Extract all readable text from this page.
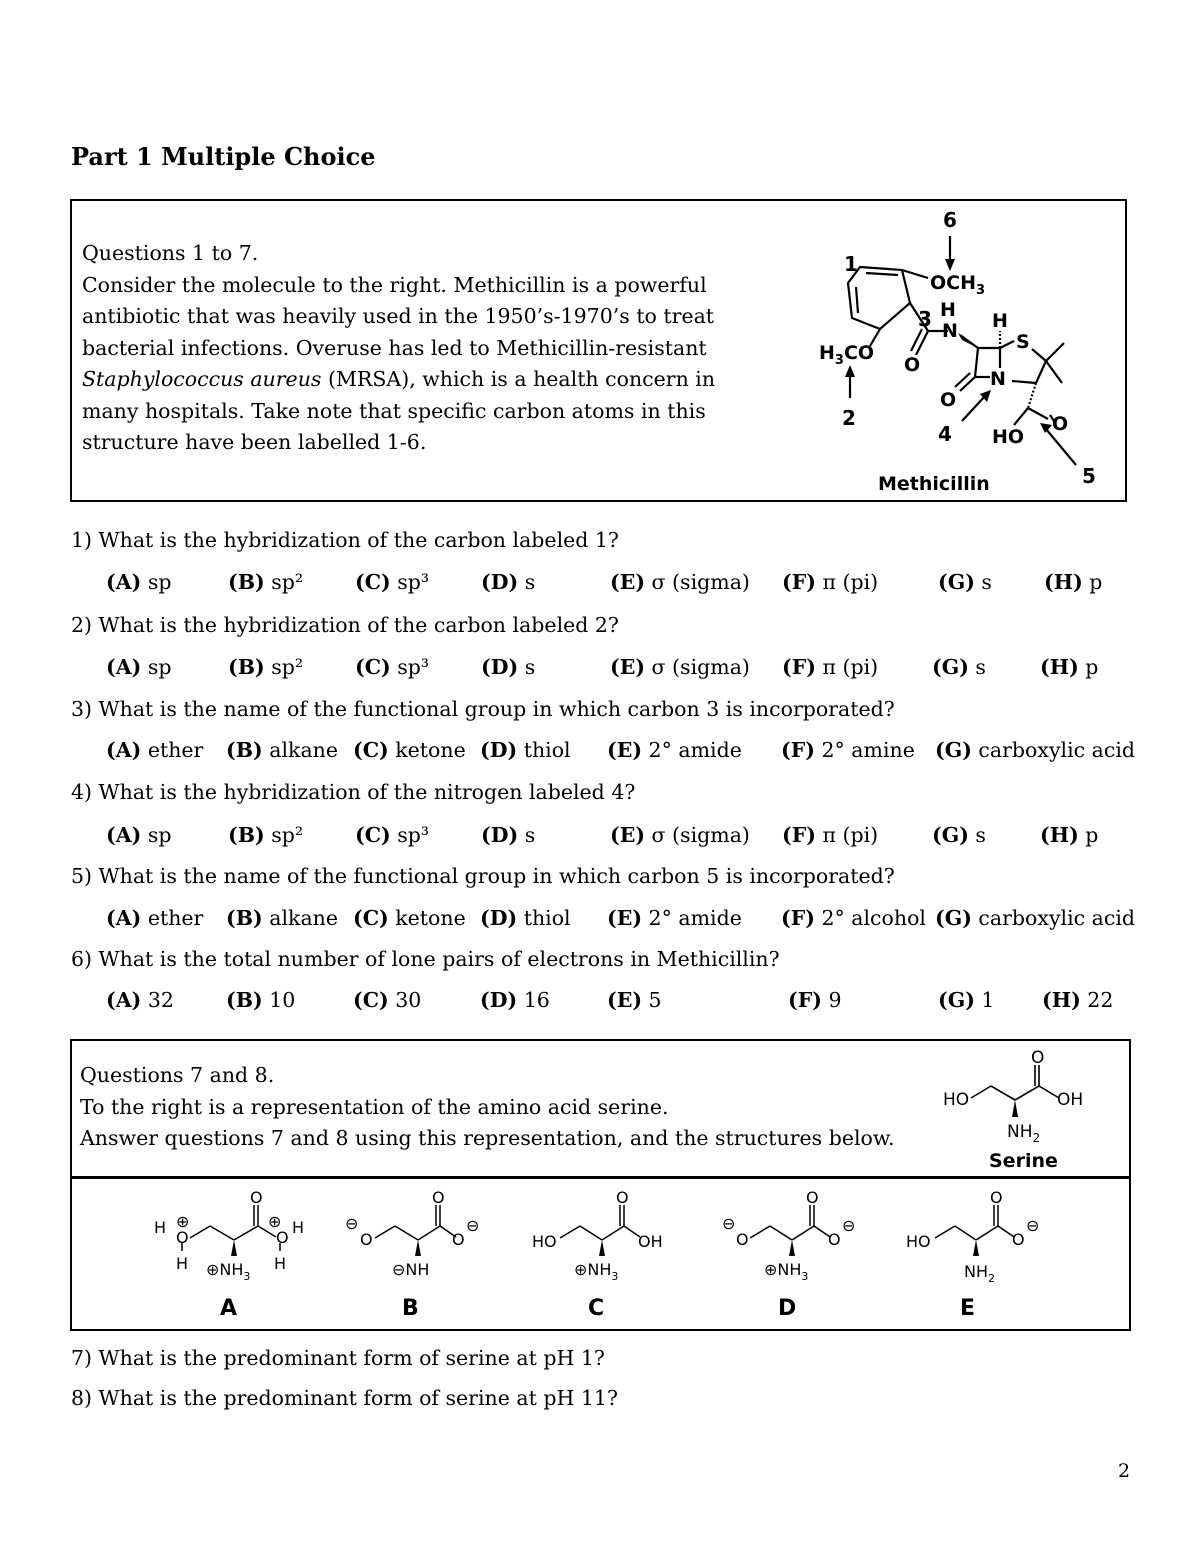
Part 1 Multiple Choice
Questions 1 to 7.
Consider the molecule to the right. Methicillin is a powerful
antibiotic that was heavily used in the 1950’s-1970’s to treat
bacterial infections. Overuse has led to Methicillin-resistant
Staphylococcus aureus (MRSA), which is a health concern in
many hospitals. Take note that specific carbon atoms in this
structure have been labelled 1-6.
1
6
$OCH_3$
$H_3CO$
2
3
O
H
N H
S
N
O
4 HO
O
5
Methicillin
1) What is the hybridization of the carbon labeled 1?
2) What is the hybridization of the carbon labeled 2?
3) What is the name of the functional group in which carbon 3 is incorporated?
4) What is the hybridization of the nitrogen labeled 4?
5) What is the name of the functional group in which carbon 5 is incorporated?
6) What is the total number of lone pairs of electrons in Methicillin?
(A) sp	(B) sp²	(C) sp³	(D) s	(E) σ (sigma) (F) π (pi)	(G) s	(H) p
(A) sp	(B) sp²	(C) sp³	(D) s	(E) σ (sigma) (F) π (pi)	(G) s	(H) p
(A) ether (B) alkane (C) ketone (D) thiol (E) 2° amide (F) 2° amine (G) carboxylic acid
(A) sp	(B) sp²	(C) sp³	(D) s	(E) σ (sigma) (F) π (pi)	(G) s	(H) p
(A) ether (B) alkane (C) ketone (D) thiol (E) 2° amide (F) 2° alcohol (G) carboxylic acid
(A) 32	(B) 10	(C) 30	(D) 16	(E) 5	(F) 9	(G) 1 (H) 22
Questions 7 and 8.
To the right is a representation of the amino acid serine.
Answer questions 7 and 8 using this representation, and the structures below.
O
HO	OH
$NH_2$
Serine
O
H ⊕
O
H
⊕
O
H
H
$\oplus NH_3$
O
⊖
O	O
⊖
⊖NH
O
HO	OH
$\oplus NH_3$
O
⊖
O	O
⊖
$\oplus NH_3$
O
HO	O
⊖
$NH_2$
A	B	C	D	E
7) What is the predominant form of serine at pH 1?
8) What is the predominant form of serine at pH 11?
2
